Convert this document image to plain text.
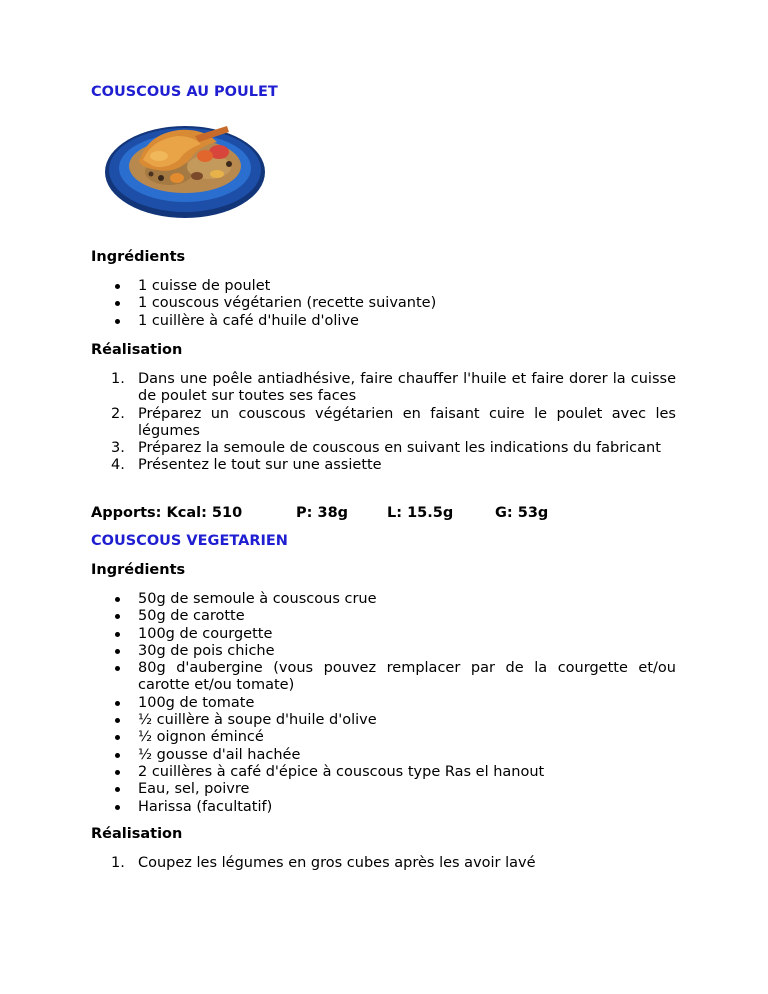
COUSCOUS AU POULET
Ingrédients
1 cuisse de poulet
1 couscous végétarien (recette suivante)
1 cuillère à café d'huile d'olive
Réalisation
1. Dans une poêle antiadhésive, faire chauffer l'huile et faire dorer la cuisse de poulet sur toutes ses faces
2. Préparez un couscous végétarien en faisant cuire le poulet avec les légumes
3. Préparez la semoule de couscous en suivant les indications du fabricant
4. Présentez le tout sur une assiette
Apports: Kcal: 510	P: 38g	L: 15.5g	G: 53g
COUSCOUS VEGETARIEN
Ingrédients
50g de semoule à couscous crue
50g de carotte
100g de courgette
30g de pois chiche
80g d'aubergine (vous pouvez remplacer par de la courgette et/ou carotte et/ou tomate)
100g de tomate
½ cuillère à soupe d'huile d'olive
½ oignon émincé
½ gousse d'ail hachée
2 cuillères à café d'épice à couscous type Ras el hanout
Eau, sel, poivre
Harissa (facultatif)
Réalisation
1. Coupez les légumes en gros cubes après les avoir lavé
